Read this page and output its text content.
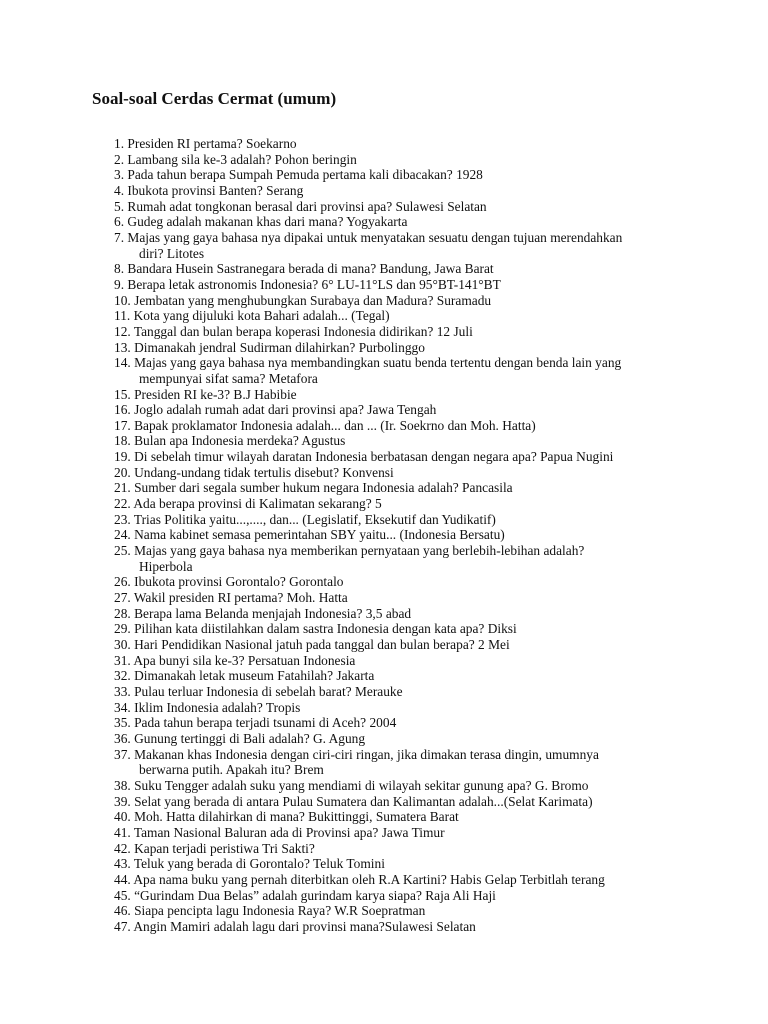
Soal-soal Cerdas Cermat (umum)
1. Presiden RI pertama? Soekarno
2. Lambang sila ke-3 adalah? Pohon beringin
3. Pada tahun berapa Sumpah Pemuda pertama kali dibacakan? 1928
4. Ibukota provinsi Banten? Serang
5. Rumah adat tongkonan berasal dari provinsi apa? Sulawesi Selatan
6. Gudeg adalah makanan khas dari mana? Yogyakarta
7. Majas yang gaya bahasa nya dipakai untuk menyatakan sesuatu dengan tujuan merendahkan
diri? Litotes
8. Bandara Husein Sastranegara berada di mana? Bandung, Jawa Barat
9. Berapa letak astronomis Indonesia? 6° LU-11°LS dan 95°BT-141°BT
10. Jembatan yang menghubungkan Surabaya dan Madura? Suramadu
11. Kota yang dijuluki kota Bahari adalah... (Tegal)
12. Tanggal dan bulan berapa koperasi Indonesia didirikan? 12 Juli
13. Dimanakah jendral Sudirman dilahirkan? Purbolinggo
14. Majas yang gaya bahasa nya membandingkan suatu benda tertentu dengan benda lain yang
mempunyai sifat sama? Metafora
15. Presiden RI ke-3? B.J Habibie
16. Joglo adalah rumah adat dari provinsi apa? Jawa Tengah
17. Bapak proklamator Indonesia adalah... dan ... (Ir. Soekrno dan Moh. Hatta)
18. Bulan apa Indonesia merdeka? Agustus
19. Di sebelah timur wilayah daratan Indonesia berbatasan dengan negara apa? Papua Nugini
20. Undang-undang tidak tertulis disebut? Konvensi
21. Sumber dari segala sumber hukum negara Indonesia adalah? Pancasila
22. Ada berapa provinsi di Kalimatan sekarang? 5
23. Trias Politika yaitu...,...., dan... (Legislatif, Eksekutif dan Yudikatif)
24. Nama kabinet semasa pemerintahan SBY yaitu... (Indonesia Bersatu)
25. Majas yang gaya bahasa nya memberikan pernyataan yang berlebih-lebihan adalah?
Hiperbola
26. Ibukota provinsi Gorontalo? Gorontalo
27. Wakil presiden RI pertama? Moh. Hatta
28. Berapa lama Belanda menjajah Indonesia? 3,5 abad
29. Pilihan kata diistilahkan dalam sastra Indonesia dengan kata apa? Diksi
30. Hari Pendidikan Nasional jatuh pada tanggal dan bulan berapa? 2 Mei
31. Apa bunyi sila ke-3? Persatuan Indonesia
32. Dimanakah letak museum Fatahilah? Jakarta
33. Pulau terluar Indonesia di sebelah barat? Merauke
34. Iklim Indonesia adalah? Tropis
35. Pada tahun berapa terjadi tsunami di Aceh? 2004
36. Gunung tertinggi di Bali adalah? G. Agung
37. Makanan khas Indonesia dengan ciri-ciri ringan, jika dimakan terasa dingin, umumnya
berwarna putih. Apakah itu? Brem
38. Suku Tengger adalah suku yang mendiami di wilayah sekitar gunung apa? G. Bromo
39. Selat yang berada di antara Pulau Sumatera dan Kalimantan adalah...(Selat Karimata)
40. Moh. Hatta dilahirkan di mana? Bukittinggi, Sumatera Barat
41. Taman Nasional Baluran ada di Provinsi apa? Jawa Timur
42. Kapan terjadi peristiwa Tri Sakti?
43. Teluk yang berada di Gorontalo? Teluk Tomini
44. Apa nama buku yang pernah diterbitkan oleh R.A Kartini? Habis Gelap Terbitlah terang
45. “Gurindam Dua Belas” adalah gurindam karya siapa? Raja Ali Haji
46. Siapa pencipta lagu Indonesia Raya? W.R Soepratman
47. Angin Mamiri adalah lagu dari provinsi mana?Sulawesi Selatan
